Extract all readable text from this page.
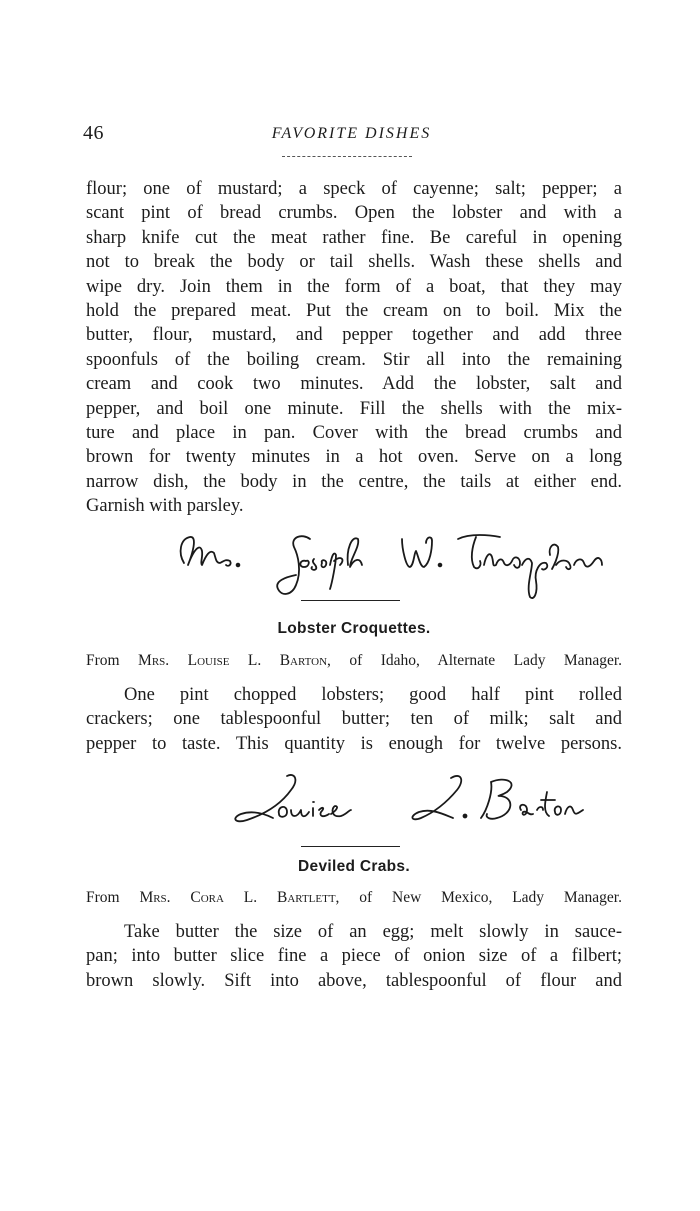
46	FAVORITE DISHES
flour; one of mustard; a speck of cayenne; salt; pepper; a
scant pint of bread crumbs. Open the lobster and with a
sharp knife cut the meat rather fine. Be careful in opening
not to break the body or tail shells. Wash these shells and
wipe dry. Join them in the form of a boat, that they may
hold the prepared meat. Put the cream on to boil. Mix the
butter, flour, mustard, and pepper together and add three
spoonfuls of the boiling cream. Stir all into the remaining
cream and cook two minutes. Add the lobster, salt and
pepper, and boil one minute. Fill the shells with the mix-
ture and place in pan. Cover with the bread crumbs and
brown for twenty minutes in a hot oven. Serve on a long
narrow dish, the body in the centre, the tails at either end.
Garnish with parsley.
Lobster Croquettes.

From Mrs. Louise L. Barton, of Idaho, Alternate Lady Manager.

One pint chopped lobsters; good half pint rolled
crackers; one tablespoonful butter; ten of milk; salt and
pepper to taste. This quantity is enough for twelve persons.
Deviled Crabs.

From Mrs. Cora L. Bartlett, of New Mexico, Lady Manager.

Take butter the size of an egg; melt slowly in sauce-
pan; into butter slice fine a piece of onion size of a filbert;
brown slowly. Sift into above, tablespoonful of flour and
